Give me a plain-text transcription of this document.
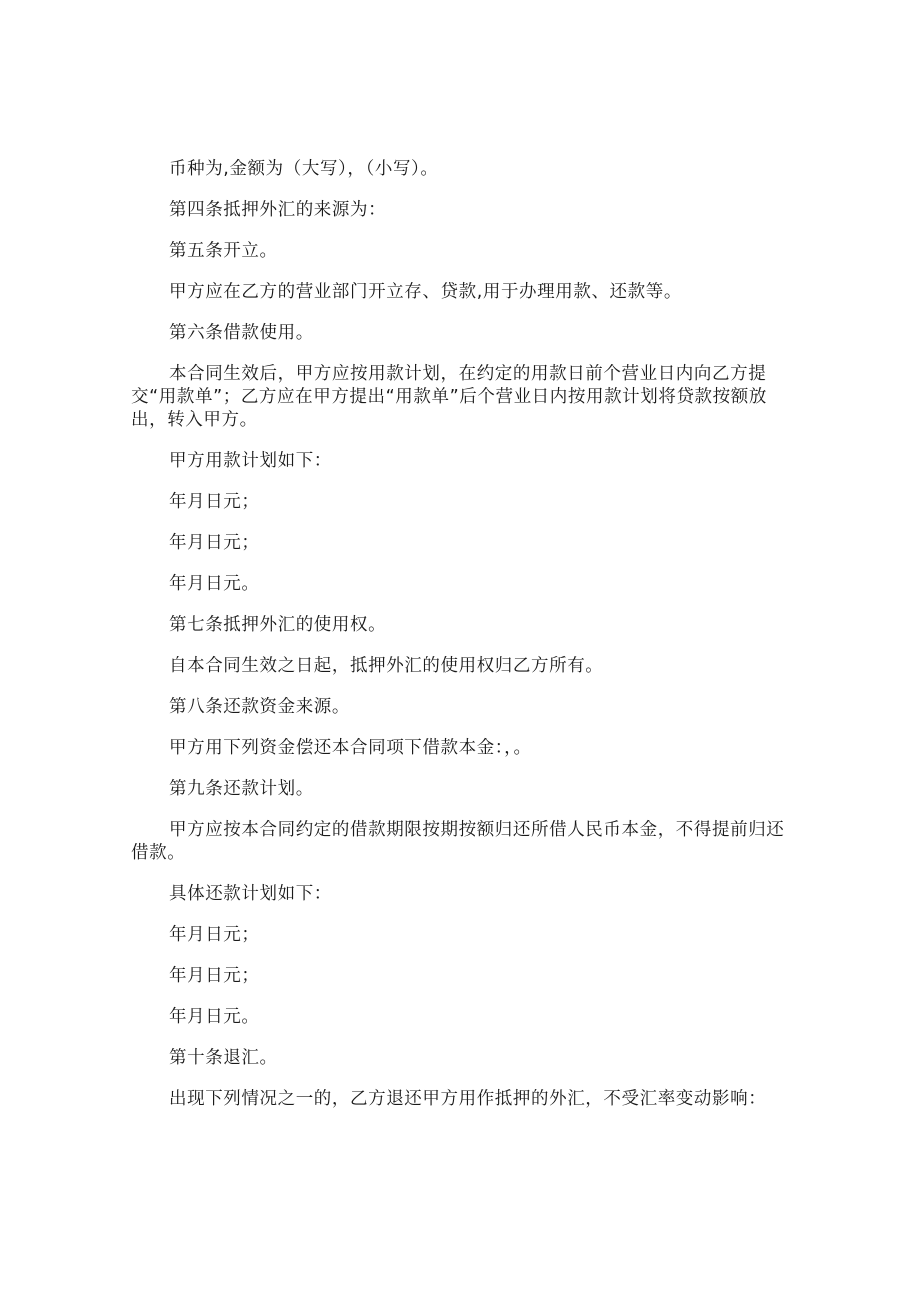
币种为,金额为（大写），（小写）。

第四条抵押外汇的来源为：

第五条开立。

甲方应在乙方的营业部门开立存、贷款,用于办理用款、还款等。

第六条借款使用。

本合同生效后，甲方应按用款计划，在约定的用款日前个营业日内向乙方提交“用款单”；乙方应在甲方提出“用款单”后个营业日内按用款计划将贷款按额放出，转入甲方。

甲方用款计划如下：

年月日元；

年月日元；

年月日元。

第七条抵押外汇的使用权。

自本合同生效之日起，抵押外汇的使用权归乙方所有。

第八条还款资金来源。

甲方用下列资金偿还本合同项下借款本金：，。

第九条还款计划。

甲方应按本合同约定的借款期限按期按额归还所借人民币本金，不得提前归还借款。

具体还款计划如下：

年月日元；

年月日元；

年月日元。

第十条退汇。

出现下列情况之一的，乙方退还甲方用作抵押的外汇，不受汇率变动影响：
